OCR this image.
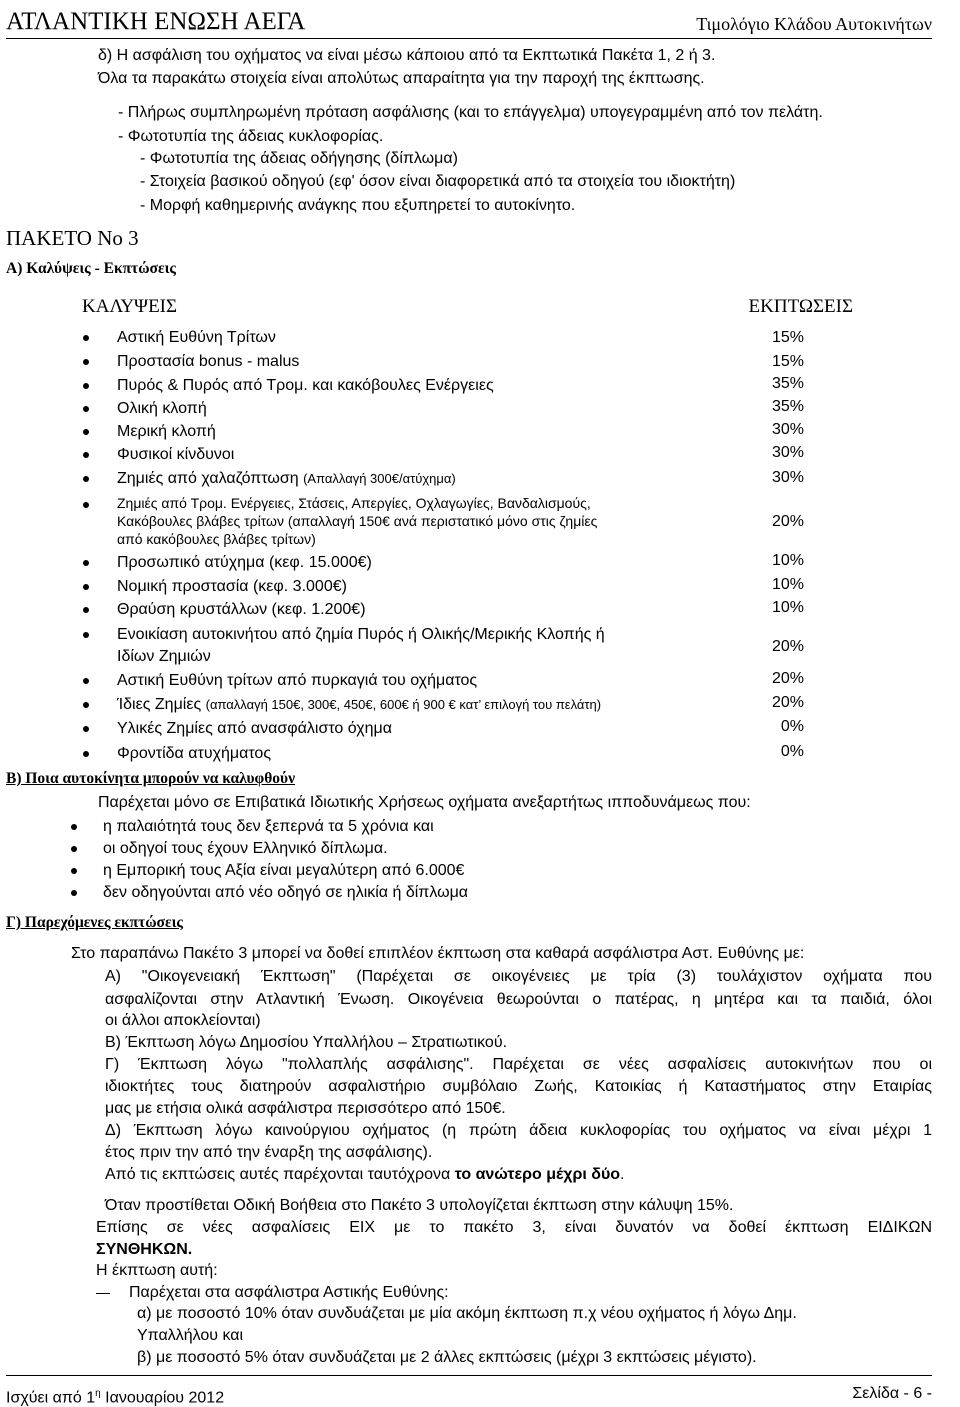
ΑΤΛΑΝΤΙΚΗ ΕΝΩΣΗ ΑΕΓΑ	Τιμολόγιο Κλάδου Αυτοκινήτων
δ) Η ασφάλιση του οχήματος να είναι μέσω κάποιου από τα Εκπτωτικά Πακέτα 1, 2 ή 3.
Όλα τα παρακάτω στοιχεία είναι απολύτως απαραίτητα για την παροχή της έκπτωσης.
- Πλήρως συμπληρωμένη πρόταση ασφάλισης (και το επάγγελμα) υπογεγραμμένη από τον πελάτη.
- Φωτοτυπία της άδειας κυκλοφορίας.
- Φωτοτυπία της άδειας οδήγησης (δίπλωμα)
- Στοιχεία βασικού οδηγού (εφ' όσον είναι διαφορετικά από τα στοιχεία του ιδιοκτήτη)
- Μορφή καθημερινής ανάγκης που εξυπηρετεί το αυτοκίνητο.
ΠΑΚΕΤΟ Νο 3
Α) Καλύψεις - Εκπτώσεις
ΚΑΛΥΨΕΙΣ	ΕΚΠΤΩΣΕΙΣ
Αστική Ευθύνη Τρίτων	15%
Προστασία bonus - malus	15%
Πυρός & Πυρός από Τρομ. και κακόβουλες Ενέργειες	35%
Ολική κλοπή	35%
Μερική κλοπή	30%
Φυσικοί κίνδυνοι	30%
Ζημιές από χαλαζόπτωση (Απαλλαγή 300€/ατύχημα)	30%
Ζημιές από Τρομ. Ενέργειες, Στάσεις, Απεργίες, Οχλαγωγίες, Βανδαλισμούς,
Κακόβουλες βλάβες τρίτων (απαλλαγή 150€ ανά περιστατικό μόνο στις ζημίες
από κακόβουλες βλάβες τρίτων)
20%
Προσωπικό ατύχημα (κεφ. 15.000€)	10%
Νομική προστασία (κεφ. 3.000€)	10%
Θραύση κρυστάλλων (κεφ. 1.200€)	10%
Ενοικίαση αυτοκινήτου από ζημία Πυρός ή Ολικής/Μερικής Κλοπής ή
Ιδίων Ζημιών
20%
Αστική Ευθύνη τρίτων από πυρκαγιά του οχήματος	20%
Ίδιες Ζημίες (απαλλαγή 150€, 300€, 450€, 600€ ή 900 € κατ’ επιλογή του πελάτη)	20%
Υλικές Ζημίες από ανασφάλιστο όχημα	0%
Φροντίδα ατυχήματος	0%
Β) Ποια αυτοκίνητα μπορούν να καλυφθούν
Παρέχεται μόνο σε Επιβατικά Ιδιωτικής Χρήσεως οχήματα ανεξαρτήτως ιπποδυνάμεως που:
η παλαιότητά τους δεν ξεπερνά τα 5 χρόνια και
οι οδηγοί τους έχουν Ελληνικό δίπλωμα.
η Εμπορική τους Αξία είναι μεγαλύτερη από 6.000€
δεν οδηγούνται από νέο οδηγό σε ηλικία ή δίπλωμα
Γ) Παρεχόμενες εκπτώσεις
Στο παραπάνω Πακέτο 3 μπορεί να δοθεί επιπλέον έκπτωση στα καθαρά ασφάλιστρα Αστ. Ευθύνης με:
Α) "Οικογενειακή Έκπτωση" (Παρέχεται σε οικογένειες με τρία (3) τουλάχιστον οχήματα που
ασφαλίζονται στην Ατλαντική Ένωση. Οικογένεια θεωρούνται ο πατέρας, η μητέρα και τα παιδιά, όλοι
οι άλλοι αποκλείονται)
Β) Έκπτωση λόγω Δημοσίου Υπαλλήλου – Στρατιωτικού.
Γ) Έκπτωση λόγω "πολλαπλής ασφάλισης". Παρέχεται σε νέες ασφαλίσεις αυτοκινήτων που οι
ιδιοκτήτες τους διατηρούν ασφαλιστήριο συμβόλαιο Ζωής, Κατοικίας ή Καταστήματος στην Εταιρίας
μας με ετήσια ολικά ασφάλιστρα περισσότερο από 150€.
Δ) Έκπτωση λόγω καινούργιου οχήματος (η πρώτη άδεια κυκλοφορίας του οχήματος να είναι μέχρι 1
έτος πριν την από την έναρξη της ασφάλισης).
Από τις εκπτώσεις αυτές παρέχονται ταυτόχρονα το ανώτερο μέχρι δύο.
Όταν προστίθεται Οδική Βοήθεια στο Πακέτο 3 υπολογίζεται έκπτωση στην κάλυψη 15%.
Επίσης σε νέες ασφαλίσεις ΕΙΧ με το πακέτο 3, είναι δυνατόν να δοθεί έκπτωση ΕΙΔΙΚΩΝ
ΣΥΝΘΗΚΩΝ.
Η έκπτωση αυτή:
Παρέχεται στα ασφάλιστρα Αστικής Ευθύνης:
α) με ποσοστό 10% όταν συνδυάζεται με μία ακόμη έκπτωση π.χ νέου οχήματος ή λόγω Δημ.
Υπαλλήλου και
β) με ποσοστό 5% όταν συνδυάζεται με 2 άλλες εκπτώσεις (μέχρι 3 εκπτώσεις μέγιστο).
Ισχύει από $1^\eta$ Ιανουαρίου 2012	Σελίδα - 6 -
